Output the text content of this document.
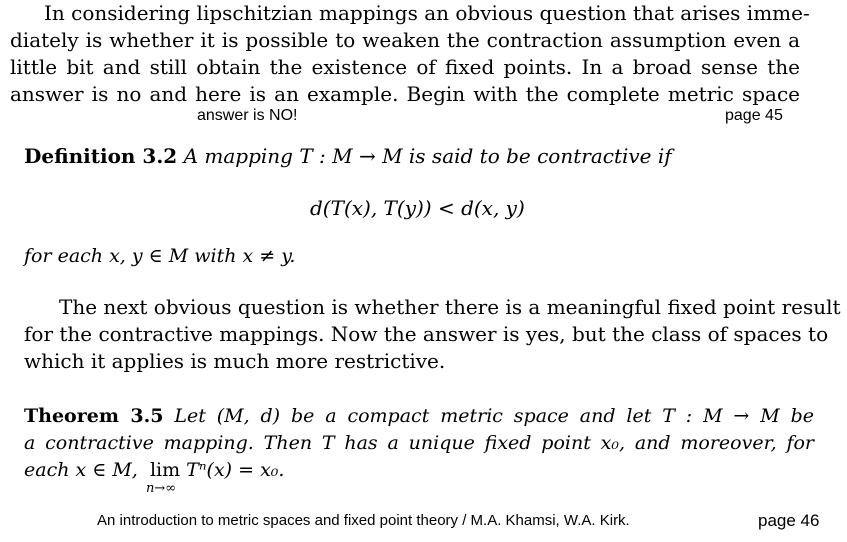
In considering lipschitzian mappings an obvious question that arises imme-
diately is whether it is possible to weaken the contraction assumption even a
little bit and still obtain the existence of fixed points. In a broad sense the
answer is no and here is an example. Begin with the complete metric space
answer is NO!	page 45
Definition 3.2 A mapping T : M → M is said to be contractive if
d(T(x), T(y)) < d(x, y)
for each x, y ∈ M with x ≠ y.
The next obvious question is whether there is a meaningful fixed point result
for the contractive mappings. Now the answer is yes, but the class of spaces to
which it applies is much more restrictive.
Theorem 3.5 Let (M, d) be a compact metric space and let T : M → M be
a contractive mapping. Then T has a unique fixed point x₀, and moreover, for
each x ∈ M, lim
n→∞
Tⁿ(x) = x₀.
An introduction to metric spaces and fixed point theory / M.A. Khamsi, W.A. Kirk.	page 46
